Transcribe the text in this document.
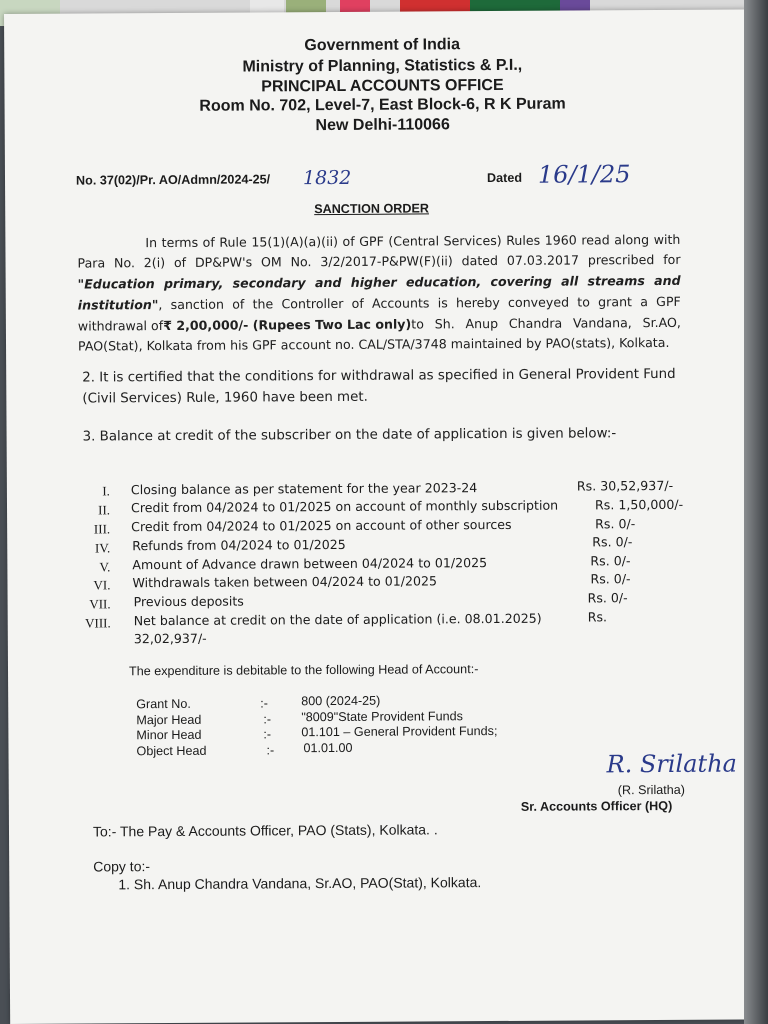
Government of India
Ministry of Planning, Statistics & P.I.,
PRINCIPAL ACCOUNTS OFFICE
Room No. 702, Level-7, East Block-6, R K Puram
New Delhi-110066
No. 37(02)/Pr. AO/Admn/2024-25/ 1832	Dated 16/1/25
SANCTION ORDER
In terms of Rule 15(1)(A)(a)(ii) of GPF (Central Services) Rules 1960 read along with
Para No. 2(i) of DP&PW's OM No. 3/2/2017-P&PW(F)(ii) dated 07.03.2017 prescribed for
"Education primary, secondary and higher education, covering all streams and
institution" , sanction of the Controller of Accounts is hereby conveyed to grant a GPF
withdrawal of ₹ 2,00,000/- (Rupees Two Lac only) to Sh. Anup Chandra Vandana, Sr.AO,
PAO(Stat), Kolkata from his GPF account no. CAL/STA/3748 maintained by PAO(stats), Kolkata.
2. It is certified that the conditions for withdrawal as specified in General Provident Fund
(Civil Services) Rule, 1960 have been met.
3. Balance at credit of the subscriber on the date of application is given below:-
I. Closing balance as per statement for the year 2023-24	Rs. 30,52,937/-
II. Credit from 04/2024 to 01/2025 on account of monthly subscription	Rs. 1,50,000/-
III. Credit from 04/2024 to 01/2025 on account of other sources	Rs. 0/-
IV. Refunds from 04/2024 to 01/2025	Rs. 0/-
V. Amount of Advance drawn between 04/2024 to 01/2025	Rs. 0/-
VI. Withdrawals taken between 04/2024 to 01/2025	Rs. 0/-
VII. Previous deposits	Rs. 0/-
VIII. Net balance at credit on the date of application (i.e. 08.01.2025)	Rs.
32,02,937/-
The expenditure is debitable to the following Head of Account:-
Grant No.	:-	800 (2024-25)
Major Head	:- "8009"State Provident Funds
Minor Head	:- 01.101 – General Provident Funds;
Object Head	:- 01.01.00
R. Srilatha
(R. Srilatha)
Sr. Accounts Officer (HQ)
To:- The Pay & Accounts Officer, PAO (Stats), Kolkata. .
Copy to:-
1. Sh. Anup Chandra Vandana, Sr.AO, PAO(Stat), Kolkata.
